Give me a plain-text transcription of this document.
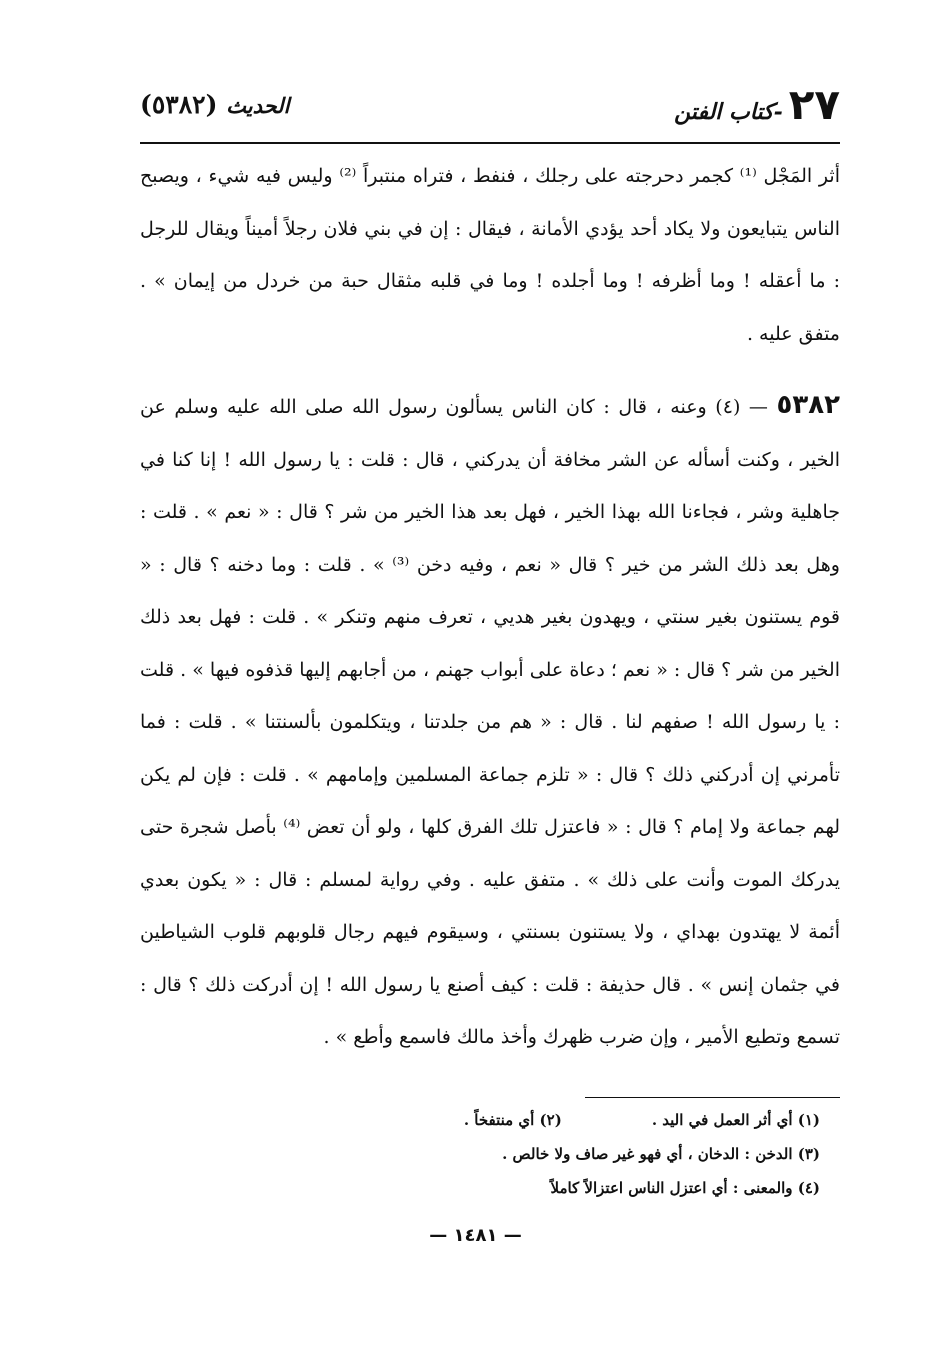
٢٧
-كتاب الفتن
الحديث (٥٣٨٢)

أثر المَجْل ⁽¹⁾ كجمر دحرجته على رجلك ، فنفط ، فتراه منتبراً ⁽²⁾ وليس فيه شيء ، ويصبح الناس يتبايعون ولا يكاد أحد يؤدي الأمانة ، فيقال : إن في بني فلان رجلاً أميناً ويقال للرجل : ما أعقله ! وما أظرفه ! وما أجلده ! وما في قلبه مثقال حبة من خردل من إيمان » . متفق عليه .

٥٣٨٢ — (٤) وعنه ، قال : كان الناس يسألون رسول الله صلى الله عليه وسلم عن الخير ، وكنت أسأله عن الشر مخافة أن يدركني ، قال : قلت : يا رسول الله ! إنا كنا في جاهلية وشر ، فجاءنا الله بهذا الخير ، فهل بعد هذا الخير من شر ؟ قال : « نعم » . قلت : وهل بعد ذلك الشر من خير ؟ قال « نعم ، وفيه دخن ⁽³⁾ » . قلت : وما دخنه ؟ قال : « قوم يستنون بغير سنتي ، ويهدون بغير هديي ، تعرف منهم وتنكر » . قلت : فهل بعد ذلك الخير من شر ؟ قال : « نعم ؛ دعاة على أبواب جهنم ، من أجابهم إليها قذفوه فيها » . قلت : يا رسول الله ! صفهم لنا . قال : « هم من جلدتنا ، ويتكلمون بألسنتنا » . قلت : فما تأمرني إن أدركني ذلك ؟ قال : « تلزم جماعة المسلمين وإمامهم » . قلت : فإن لم يكن لهم جماعة ولا إمام ؟ قال : « فاعتزل تلك الفرق كلها ، ولو أن تعض ⁽⁴⁾ بأصل شجرة حتى يدركك الموت وأنت على ذلك » . متفق عليه . وفي رواية لمسلم : قال : « يكون بعدي أئمة لا يهتدون بهداي ، ولا يستنون بسنتي ، وسيقوم فيهم رجال قلوبهم قلوب الشياطين في جثمان إنس » . قال حذيفة : قلت : كيف أصنع يا رسول الله ! إن أدركت ذلك ؟ قال : تسمع وتطيع الأمير ، وإن ضرب ظهرك وأخذ مالك فاسمع وأطع » .

(١) أي أثر العمل في اليد .
(٢) أي منتفخاً .

(٣) الدخن : الدخان ، أي فهو غير صاف ولا خالص .

(٤) والمعنى : أي اعتزل الناس اعتزالاً كاملاً

— ١٤٨١ —
